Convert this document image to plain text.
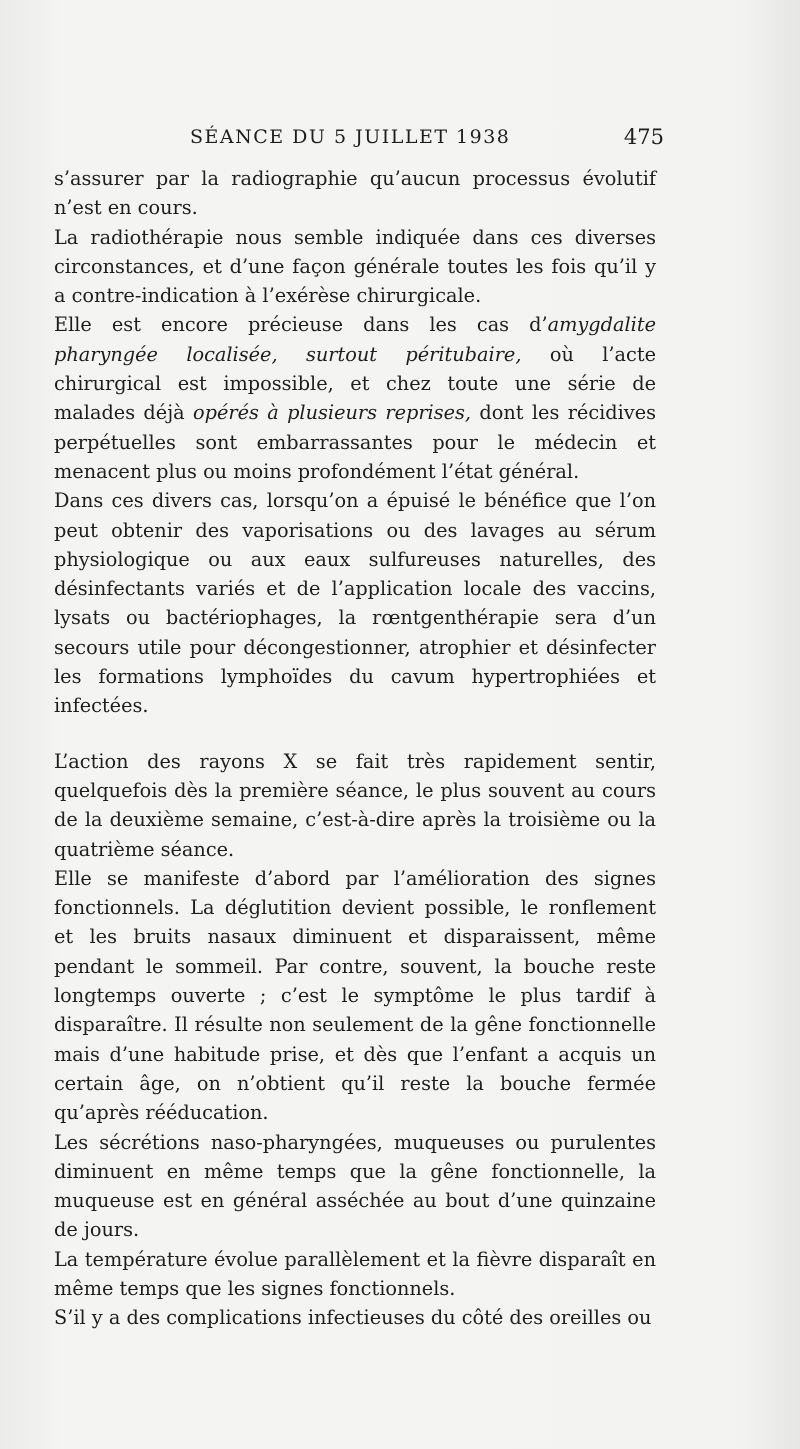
SÉANCE DU 5 JUILLET 1938	475

s’assurer par la radiographie qu’aucun processus évolutif n’est en cours.

La radiothérapie nous semble indiquée dans ces diverses circonstances, et d’une façon générale toutes les fois qu’il y a contre-indication à l’exérèse chirurgicale.

Elle est encore précieuse dans les cas d’amygdalite pharyngée localisée, surtout péritubaire, où l’acte chirurgical est impossible, et chez toute une série de malades déjà opérés à plusieurs reprises, dont les récidives perpétuelles sont embarrassantes pour le médecin et menacent plus ou moins profondément l’état général.

Dans ces divers cas, lorsqu’on a épuisé le bénéfice que l’on peut obtenir des vaporisations ou des lavages au sérum physiologique ou aux eaux sulfureuses naturelles, des désinfectants variés et de l’application locale des vaccins, lysats ou bactériophages, la rœntgenthérapie sera d’un secours utile pour décongestionner, atrophier et désinfecter les formations lymphoïdes du cavum hypertrophiées et infectées.

L’action des rayons X se fait très rapidement sentir, quelquefois dès la première séance, le plus souvent au cours de la deuxième semaine, c’est-à-dire après la troisième ou la quatrième séance.

Elle se manifeste d’abord par l’amélioration des signes fonctionnels. La déglutition devient possible, le ronflement et les bruits nasaux diminuent et disparaissent, même pendant le sommeil. Par contre, souvent, la bouche reste longtemps ouverte ; c’est le symptôme le plus tardif à disparaître. Il résulte non seulement de la gêne fonctionnelle mais d’une habitude prise, et dès que l’enfant a acquis un certain âge, on n’obtient qu’il reste la bouche fermée qu’après rééducation.

Les sécrétions naso-pharyngées, muqueuses ou purulentes diminuent en même temps que la gêne fonctionnelle, la muqueuse est en général asséchée au bout d’une quinzaine de jours.

La température évolue parallèlement et la fièvre disparaît en même temps que les signes fonctionnels.

S’il y a des complications infectieuses du côté des oreilles ou
